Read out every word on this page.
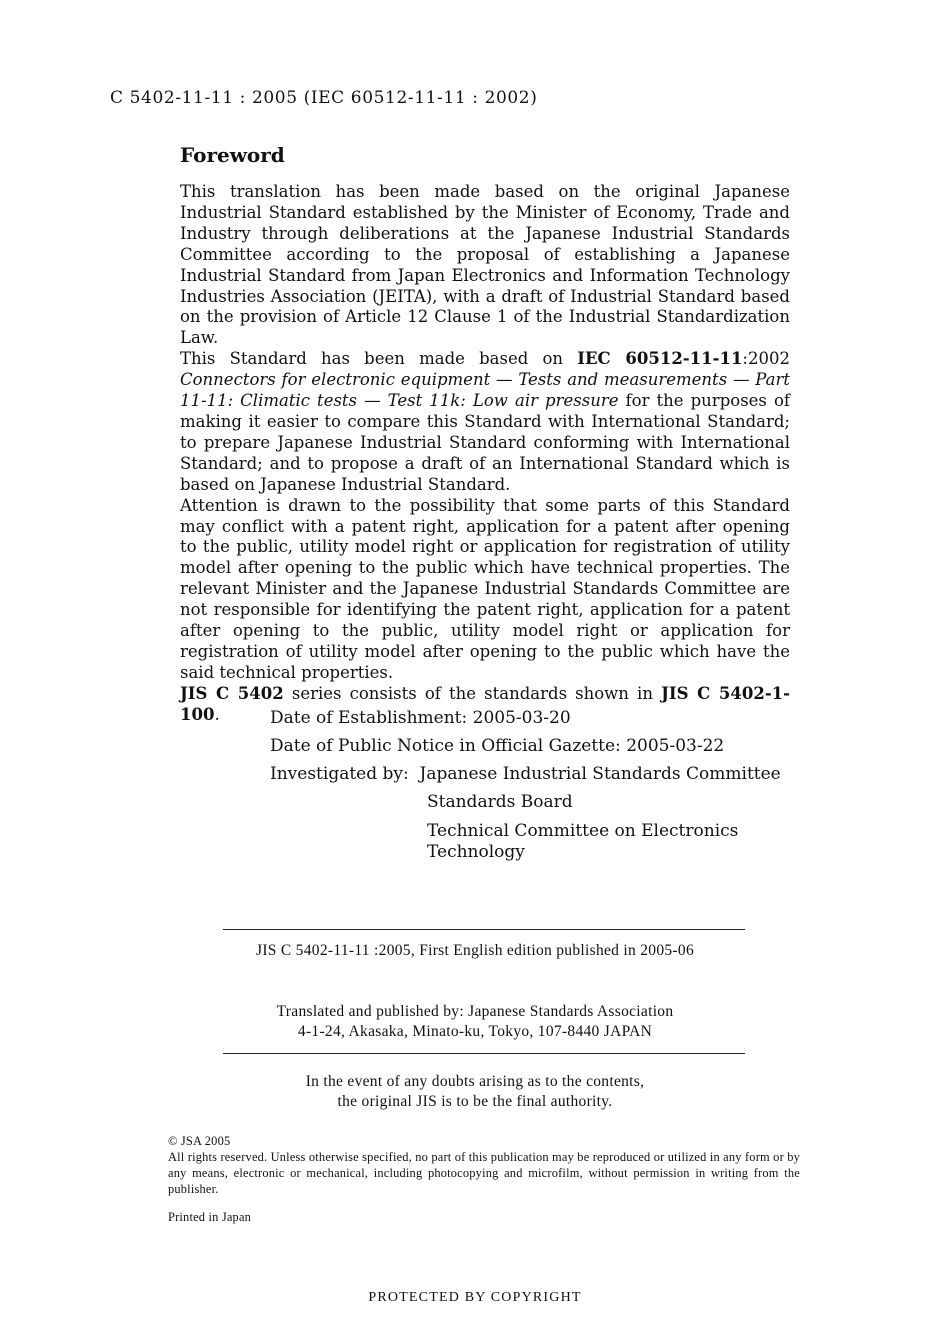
C 5402-11-11 : 2005 (IEC 60512-11-11 : 2002)
Foreword

This translation has been made based on the original Japanese Industrial Standard established by the Minister of Economy, Trade and Industry through deliberations at the Japanese Industrial Standards Committee according to the proposal of establishing a Japanese Industrial Standard from Japan Electronics and Information Technology Industries Association (JEITA), with a draft of Industrial Standard based on the provision of Article 12 Clause 1 of the Industrial Standardization Law.

This Standard has been made based on IEC 60512-11-11:2002 Connectors for electronic equipment — Tests and measurements — Part 11-11: Climatic tests — Test 11k: Low air pressure for the purposes of making it easier to compare this Standard with International Standard; to prepare Japanese Industrial Standard conforming with International Standard; and to propose a draft of an International Standard which is based on Japanese Industrial Standard.

Attention is drawn to the possibility that some parts of this Standard may conflict with a patent right, application for a patent after opening to the public, utility model right or application for registration of utility model after opening to the public which have technical properties. The relevant Minister and the Japanese Industrial Standards Committee are not responsible for identifying the patent right, application for a patent after opening to the public, utility model right or application for registration of utility model after opening to the public which have the said technical properties.

JIS C 5402 series consists of the standards shown in JIS C 5402-1-100.	Date of Establishment:
2005-03-20
Date of Public Notice in Official Gazette:
2005-03-22
Investigated by:
Japanese Industrial Standards Committee
Standards Board
Technical Committee on Electronics
Technology
JIS C 5402-11-11 :2005, First English edition published in 2005-06
Translated and published by: Japanese Standards Association
4-1-24, Akasaka, Minato-ku, Tokyo, 107-8440 JAPAN
In the event of any doubts arising as to the contents,
the original JIS is to be the final authority.
© JSA 2005
All rights reserved. Unless otherwise specified, no part of this publication may be reproduced or utilized in any form or by any means, electronic or mechanical, including photocopying and microfilm, without permission in writing from the publisher.
Printed in Japan
PROTECTED BY COPYRIGHT
